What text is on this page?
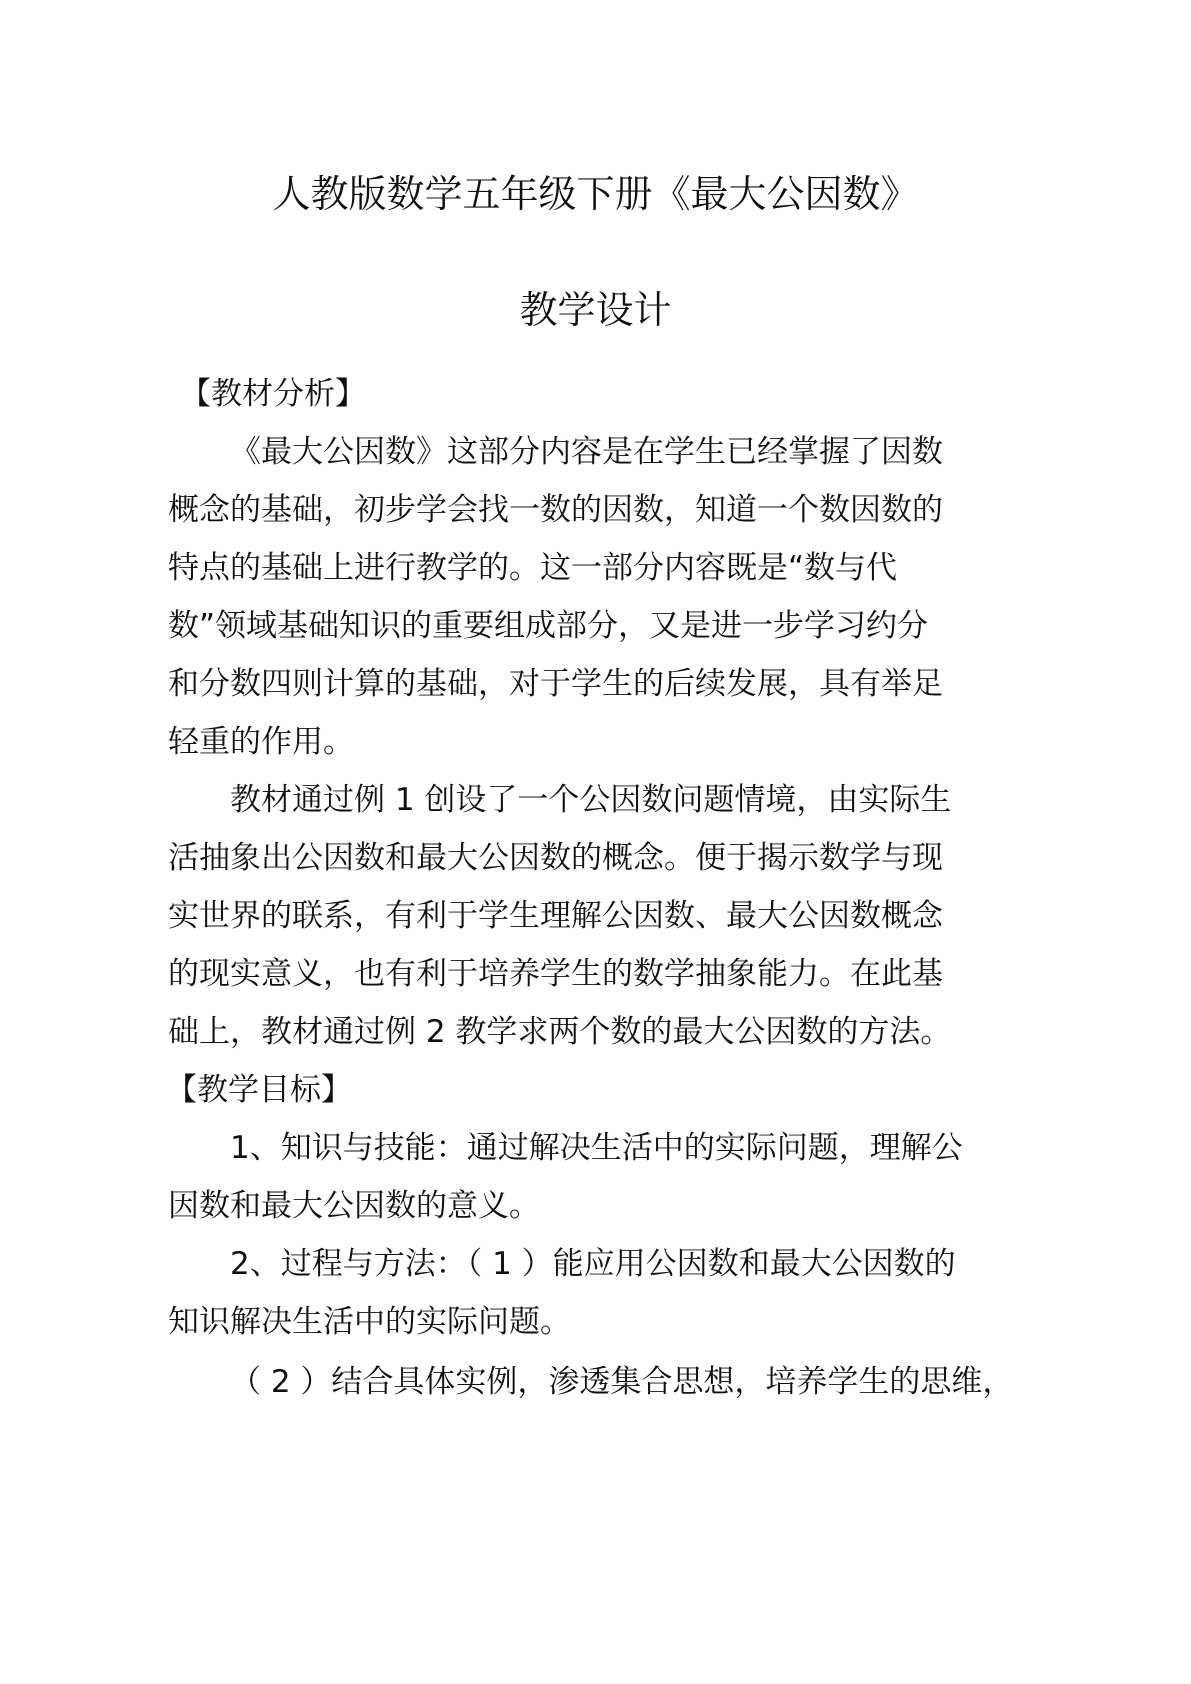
人教版数学五年级下册《最大公因数》
教学设计

【教材分析】

《最大公因数》这部分内容是在学生已经掌握了因数

概念的基础，初步学会找一数的因数，知道一个数因数的

特点的基础上进行教学的。这一部分内容既是“数与代

数”领域基础知识的重要组成部分，又是进一步学习约分

和分数四则计算的基础，对于学生的后续发展，具有举足

轻重的作用。

教材通过例 1 创设了一个公因数问题情境，由实际生

活抽象出公因数和最大公因数的概念。便于揭示数学与现

实世界的联系，有利于学生理解公因数、最大公因数概念

的现实意义，也有利于培养学生的数学抽象能力。在此基

础上，教材通过例 2 教学求两个数的最大公因数的方法。

【教学目标】

1、知识与技能：通过解决生活中的实际问题，理解公

因数和最大公因数的意义。

2、过程与方法：（ 1 ）能应用公因数和最大公因数的

知识解决生活中的实际问题。

（ 2 ）结合具体实例，渗透集合思想，培养学生的思维，
